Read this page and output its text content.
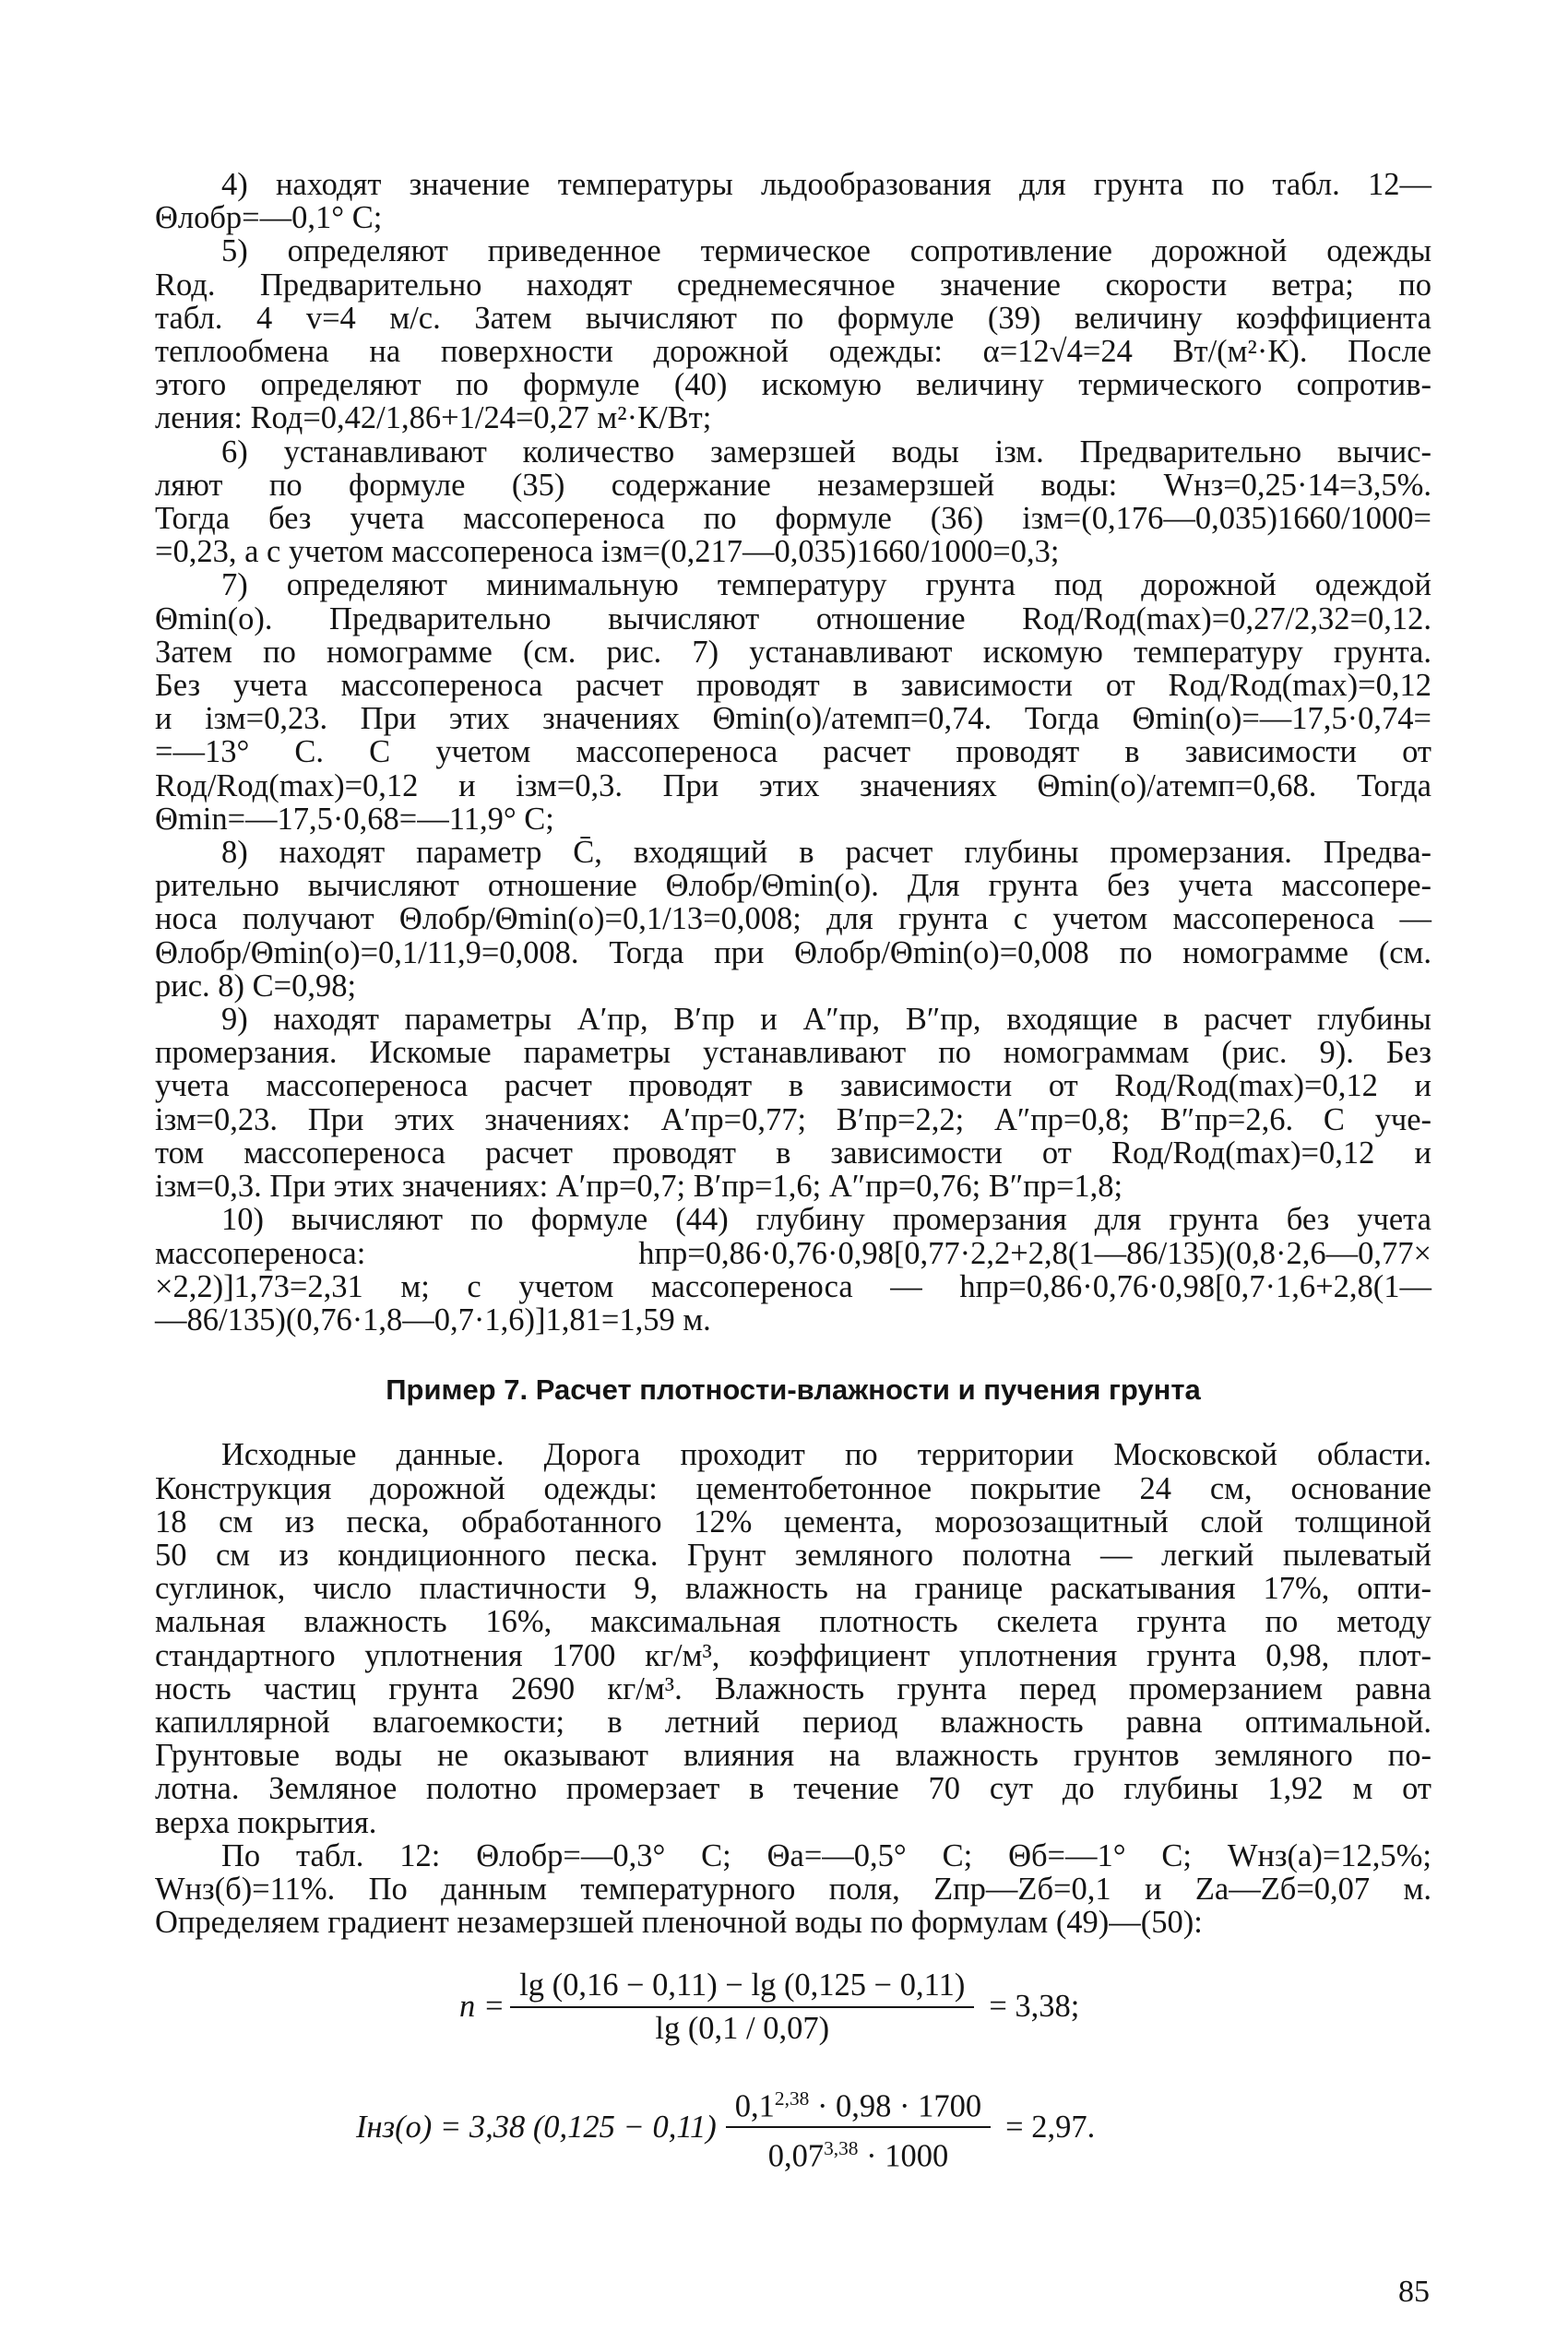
4) находят значение температуры льдообразования для грунта по табл. 12—

Θлобр=—0,1° С;

5) определяют приведенное термическое сопротивление дорожной одежды

Rод. Предварительно находят среднемесячное значение скорости ветра; по

табл. 4 v=4 м/с. Затем вычисляют по формуле (39) величину коэффициента

теплообмена на поверхности дорожной одежды: α=12√4=24 Вт/(м²·К). После

этого определяют по формуле (40) искомую величину термического сопротив-

ления: Rод=0,42/1,86+1/24=0,27 м²·К/Вт;

6) устанавливают количество замерзшей воды iзм. Предварительно вычис-

ляют по формуле (35) содержание незамерзшей воды: Wнз=0,25·14=3,5%.

Тогда без учета массопереноса по формуле (36) iзм=(0,176—0,035)1660/1000=

=0,23, а с учетом массопереноса iзм=(0,217—0,035)1660/1000=0,3;

7) определяют минимальную температуру грунта под дорожной одеждой

Θmin(o). Предварительно вычисляют отношение Rод/Rод(max)=0,27/2,32=0,12.

Затем по номограмме (см. рис. 7) устанавливают искомую температуру грунта.

Без учета массопереноса расчет проводят в зависимости от Rод/Rод(max)=0,12

и iзм=0,23. При этих значениях Θmin(o)/aтемп=0,74. Тогда Θmin(o)=—17,5·0,74=

=—13° С. С учетом массопереноса расчет проводят в зависимости от

Rод/Rод(max)=0,12 и iзм=0,3. При этих значениях Θmin(o)/aтемп=0,68. Тогда

Θmin=—17,5·0,68=—11,9° С;

8) находят параметр C̄, входящий в расчет глубины промерзания. Предва-

рительно вычисляют отношение Θлобр/Θmin(o). Для грунта без учета массопере-

носа получают Θлобр/Θmin(o)=0,1/13=0,008; для грунта с учетом массопереноса —

Θлобр/Θmin(o)=0,1/11,9=0,008. Тогда при Θлобр/Θmin(o)=0,008 по номограмме (см.

рис. 8) C=0,98;

9) находят параметры A′пр, B′пр и A″пр, B″пр, входящие в расчет глубины

промерзания. Искомые параметры устанавливают по номограммам (рис. 9). Без

учета массопереноса расчет проводят в зависимости от Rод/Rод(max)=0,12 и

iзм=0,23. При этих значениях: A′пр=0,77; B′пр=2,2; A″пр=0,8; B″пр=2,6. С уче-

том массопереноса расчет проводят в зависимости от Rод/Rод(max)=0,12 и

iзм=0,3. При этих значениях: A′пр=0,7; B′пр=1,6; A″пр=0,76; B″пр=1,8;

10) вычисляют по формуле (44) глубину промерзания для грунта без учета

массопереноса: hпр=0,86·0,76·0,98[0,77·2,2+2,8(1—86/135)(0,8·2,6—0,77×

×2,2)]1,73=2,31 м; с учетом массопереноса — hпр=0,86·0,76·0,98[0,7·1,6+2,8(1—

—86/135)(0,76·1,8—0,7·1,6)]1,81=1,59 м.

Пример 7. Расчет плотности-влажности и пучения грунта

Исходные данные. Дорога проходит по территории Московской области.

Конструкция дорожной одежды: цементобетонное покрытие 24 см, основание

18 см из песка, обработанного 12% цемента, морозозащитный слой толщиной

50 см из кондиционного песка. Грунт земляного полотна — легкий пылеватый

суглинок, число пластичности 9, влажность на границе раскатывания 17%, опти-

мальная влажность 16%, максимальная плотность скелета грунта по методу

стандартного уплотнения 1700 кг/м³, коэффициент уплотнения грунта 0,98, плот-

ность частиц грунта 2690 кг/м³. Влажность грунта перед промерзанием равна

капиллярной влагоемкости; в летний период влажность равна оптимальной.

Грунтовые воды не оказывают влияния на влажность грунтов земляного по-

лотна. Земляное полотно промерзает в течение 70 сут до глубины 1,92 м от

верха покрытия.

По табл. 12: Θлобр=—0,3° С; Θа=—0,5° С; Θб=—1° С; Wнз(а)=12,5%;

Wнз(б)=11%. По данным температурного поля, Zпр—Zб=0,1 и Zа—Zб=0,07 м.

Определяем градиент незамерзшей пленочной воды по формулам (49)—(50):

$n = \frac{\lg (0,16 - 0,11) - \lg (0,125 - 0,11)}{\lg (0,1 / 0,07)} = 3,38$;
Iнз(о) = 3,38 $(0,125 - 0,11) \frac{0,1^{2,38} \cdot 0,98 \cdot 1700}{0,07^{3,38} \cdot 1000} = 2,97$.
85
